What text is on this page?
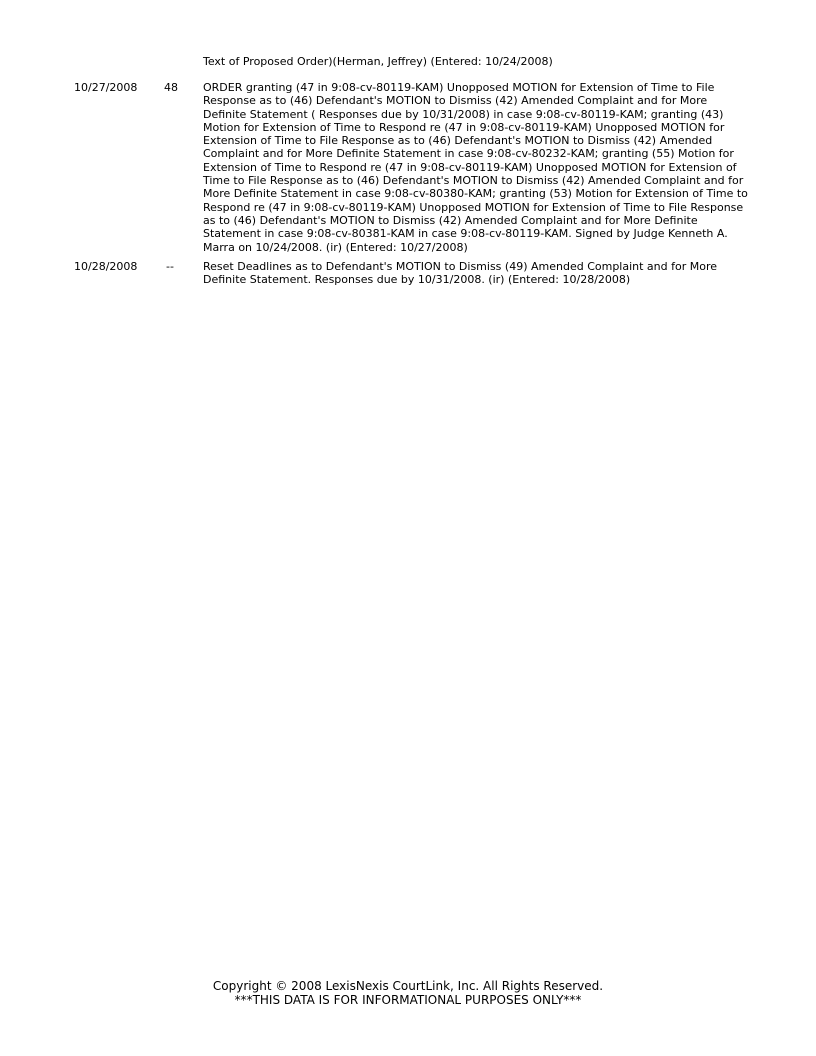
Text of Proposed Order)(Herman, Jeffrey) (Entered: 10/24/2008)
10/27/2008 48 ORDER granting (47 in 9:08-cv-80119-KAM) Unopposed MOTION for Extension of Time to File
Response as to (46) Defendant's MOTION to Dismiss (42) Amended Complaint and for More
Definite Statement ( Responses due by 10/31/2008) in case 9:08-cv-80119-KAM; granting (43)
Motion for Extension of Time to Respond re (47 in 9:08-cv-80119-KAM) Unopposed MOTION for
Extension of Time to File Response as to (46) Defendant's MOTION to Dismiss (42) Amended
Complaint and for More Definite Statement in case 9:08-cv-80232-KAM; granting (55) Motion for
Extension of Time to Respond re (47 in 9:08-cv-80119-KAM) Unopposed MOTION for Extension of
Time to File Response as to (46) Defendant's MOTION to Dismiss (42) Amended Complaint and for
More Definite Statement in case 9:08-cv-80380-KAM; granting (53) Motion for Extension of Time to
Respond re (47 in 9:08-cv-80119-KAM) Unopposed MOTION for Extension of Time to File Response
as to (46) Defendant's MOTION to Dismiss (42) Amended Complaint and for More Definite
Statement in case 9:08-cv-80381-KAM in case 9:08-cv-80119-KAM. Signed by Judge Kenneth A.
Marra on 10/24/2008. (ir) (Entered: 10/27/2008)
10/28/2008	--	Reset Deadlines as to Defendant's MOTION to Dismiss (49) Amended Complaint and for More
Definite Statement. Responses due by 10/31/2008. (ir) (Entered: 10/28/2008)
Copyright © 2008 LexisNexis CourtLink, Inc. All Rights Reserved.
***THIS DATA IS FOR INFORMATIONAL PURPOSES ONLY***
